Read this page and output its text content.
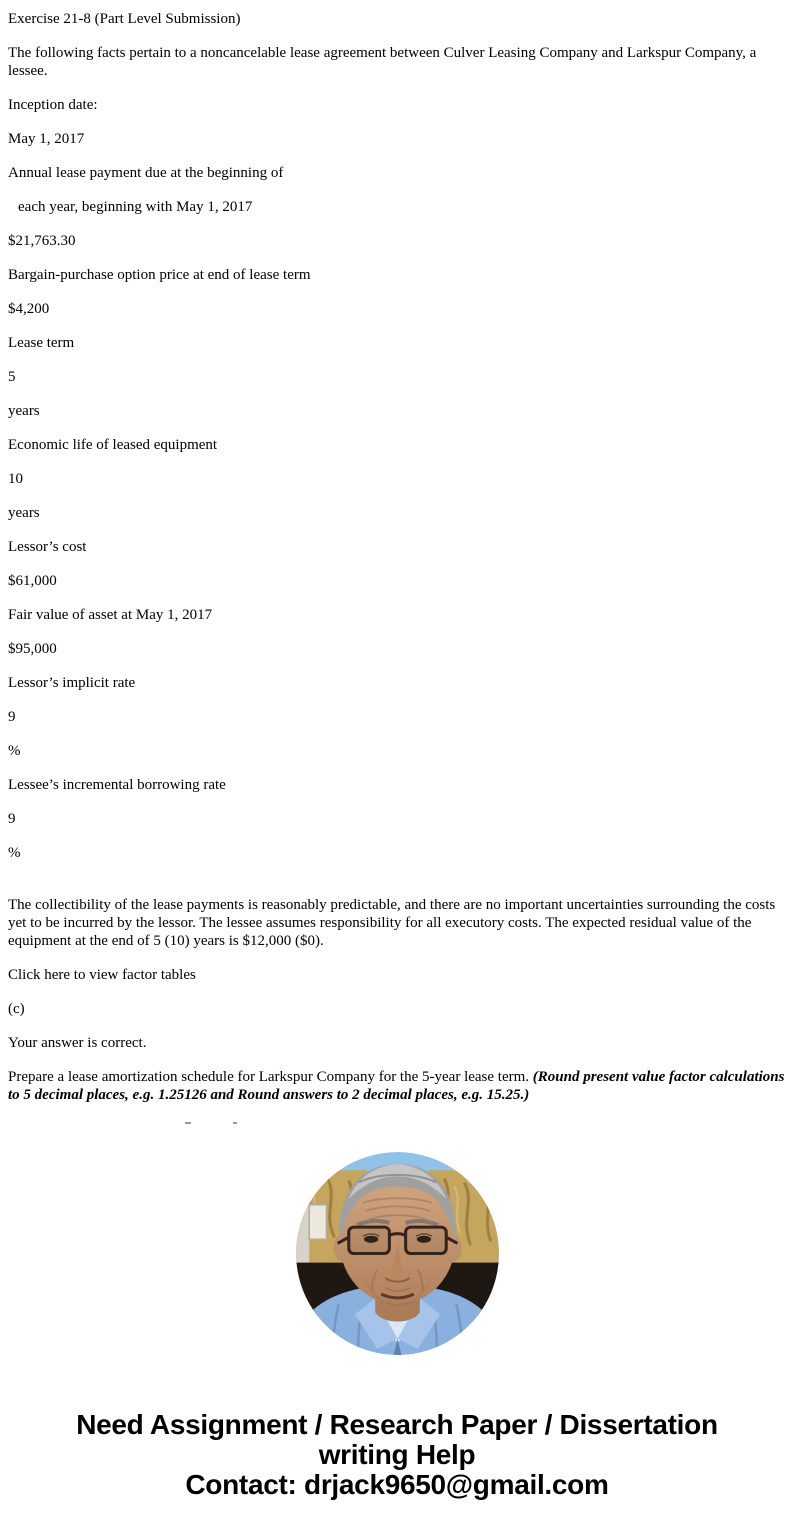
Exercise 21-8 (Part Level Submission)

The following facts pertain to a noncancelable lease agreement between Culver Leasing Company and Larkspur Company, a lessee.

Inception date:

May 1, 2017

Annual lease payment due at the beginning of

each year, beginning with May 1, 2017

$21,763.30

Bargain-purchase option price at end of lease term

$4,200

Lease term

5

years

Economic life of leased equipment

10

years

Lessor’s cost

$61,000

Fair value of asset at May 1, 2017

$95,000

Lessor’s implicit rate

9

%

Lessee’s incremental borrowing rate

9

%

The collectibility of the lease payments is reasonably predictable, and there are no important uncertainties surrounding the costs yet to be incurred by the lessor. The lessee assumes responsibility for all executory costs. The expected residual value of the equipment at the end of 5 (10) years is $12,000 ($0).

Click here to view factor tables

(c)

Your answer is correct.

Prepare a lease amortization schedule for Larkspur Company for the 5-year lease term. (Round present value factor calculations to 5 decimal places, e.g. 1.25126 and Round answers to 2 decimal places, e.g. 15.25.)

Need Assignment / Research Paper / Dissertation
writing Help
Contact: drjack9650@gmail.com
